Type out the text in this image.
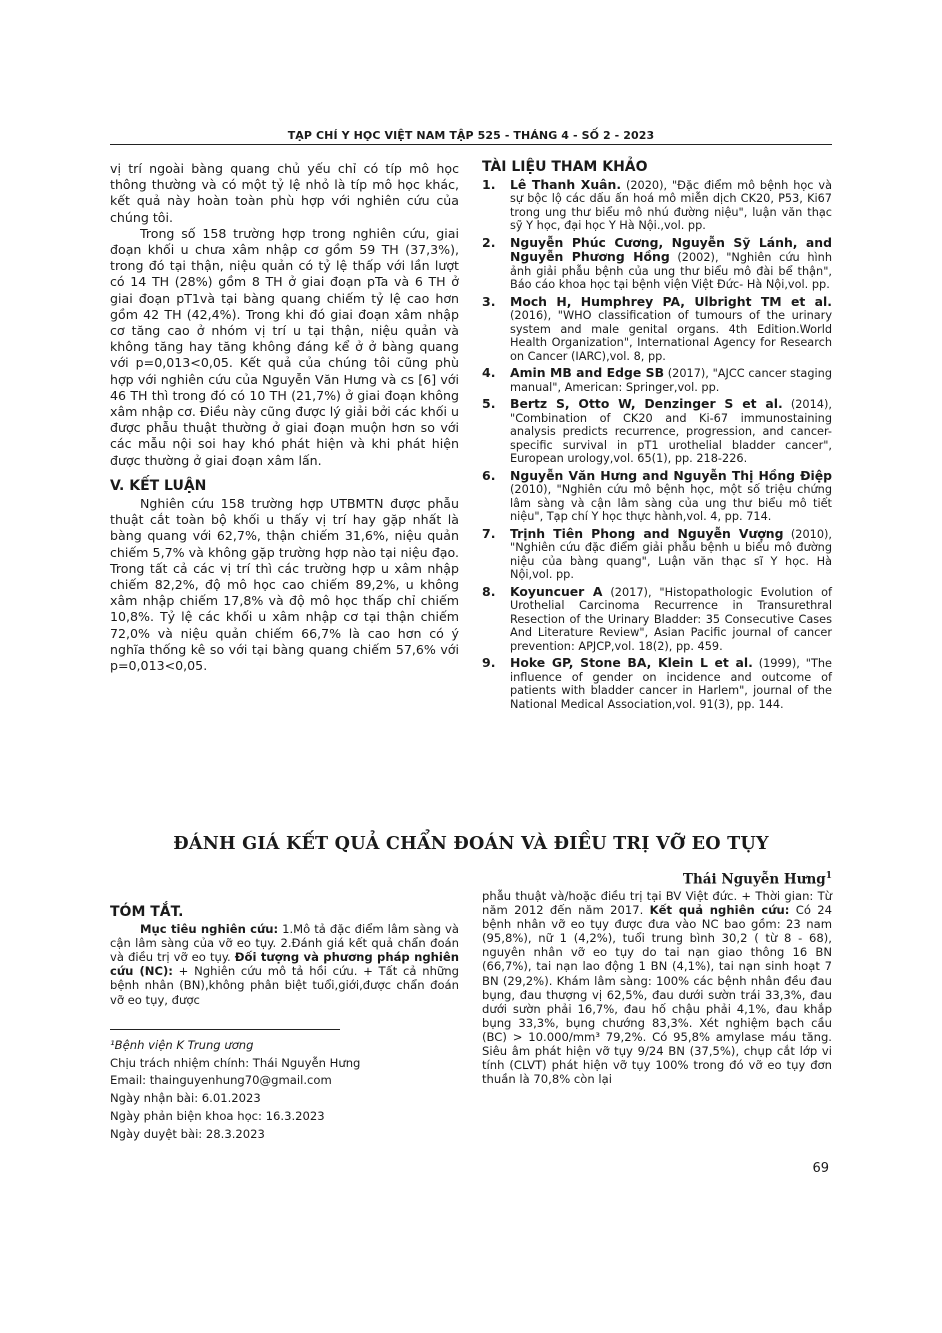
TẠP CHÍ Y HỌC VIỆT NAM TẬP 525 - THÁNG 4 - SỐ 2 - 2023

vị trí ngoài bàng quang chủ yếu chỉ có típ mô học thông thường và có một tỷ lệ nhỏ là típ mô học khác, kết quả này hoàn toàn phù hợp với nghiên cứu của chúng tôi.

Trong số 158 trường hợp trong nghiên cứu, giai đoạn khối u chưa xâm nhập cơ gồm 59 TH (37,3%), trong đó tại thận, niệu quản có tỷ lệ thấp với lần lượt có 14 TH (28%) gồm 8 TH ở giai đoạn pTa và 6 TH ở giai đoạn pT1và tại bàng quang chiếm tỷ lệ cao hơn gồm 42 TH (42,4%). Trong khi đó giai đoạn xâm nhập cơ tăng cao ở nhóm vị trí u tại thận, niệu quản và không tăng hay tăng không đáng kể ở ở bàng quang với p=0,013<0,05. Kết quả của chúng tôi cũng phù hợp với nghiên cứu của Nguyễn Văn Hưng và cs [6] với 46 TH thì trong đó có 10 TH (21,7%) ở giai đoạn không xâm nhập cơ. Điều này cũng được lý giải bởi các khối u được phẫu thuật thường ở giai đoạn muộn hơn so với các mẫu nội soi hay khó phát hiện và khi phát hiện được thường ở giai đoạn xâm lấn.

V. KẾT LUẬN

Nghiên cứu 158 trường hợp UTBMTN được phẫu thuật cắt toàn bộ khối u thấy vị trí hay gặp nhất là bàng quang với 62,7%, thận chiếm 31,6%, niệu quản chiếm 5,7% và không gặp trường hợp nào tại niệu đạo. Trong tất cả các vị trí thì các trường hợp u xâm nhập chiếm 82,2%, độ mô học cao chiếm 89,2%, u không xâm nhập chiếm 17,8% và độ mô học thấp chỉ chiếm 10,8%. Tỷ lệ các khối u xâm nhập cơ tại thận chiếm 72,0% và niệu quản chiếm 66,7% là cao hơn có ý nghĩa thống kê so với tại bàng quang chiếm 57,6% với p=0,013<0,05.

TÀI LIỆU THAM KHẢO
1. Lê Thanh Xuân. (2020), "Đặc điểm mô bệnh học và sự bộc lộ các dấu ấn hoá mô miễn dịch CK20, P53, Ki67 trong ung thư biểu mô nhú đường niệu", luận văn thạc sỹ Y học, đại học Y Hà Nội.,vol. pp.
2. Nguyễn Phúc Cương, Nguyễn Sỹ Lánh, and Nguyễn Phương Hồng (2002), "Nghiên cứu hình ảnh giải phẫu bệnh của ung thư biểu mô đài bể thận", Báo cáo khoa học tại bệnh viện Việt Đức- Hà Nội,vol. pp.
3. Moch H, Humphrey PA, Ulbright TM et al. (2016), "WHO classification of tumours of the urinary system and male genital organs. 4th Edition.World Health Organization", International Agency for Research on Cancer (IARC),vol. 8, pp.
4. Amin MB and Edge SB (2017), "AJCC cancer staging manual", American: Springer,vol. pp.
5. Bertz S, Otto W, Denzinger S et al. (2014), "Combination of CK20 and Ki-67 immunostaining analysis predicts recurrence, progression, and cancer-specific survival in pT1 urothelial bladder cancer", European urology,vol. 65(1), pp. 218-226.
6. Nguyễn Văn Hưng and Nguyễn Thị Hồng Điệp (2010), "Nghiên cứu mô bệnh học, một số triệu chứng lâm sàng và cận lâm sàng của ung thư biểu mô tiết niệu", Tạp chí Y học thực hành,vol. 4, pp. 714.
7. Trịnh Tiên Phong and Nguyễn Vượng (2010), "Nghiên cứu đặc điểm giải phẫu bệnh u biểu mô đường niệu của bàng quang", Luận văn thạc sĩ Y học. Hà Nội,vol. pp.
8. Koyuncuer A (2017), "Histopathologic Evolution of Urothelial Carcinoma Recurrence in Transurethral Resection of the Urinary Bladder: 35 Consecutive Cases And Literature Review", Asian Pacific journal of cancer prevention: APJCP,vol. 18(2), pp. 459.
9. Hoke GP, Stone BA, Klein L et al. (1999), "The influence of gender on incidence and outcome of patients with bladder cancer in Harlem", journal of the National Medical Association,vol. 91(3), pp. 144.
ĐÁNH GIÁ KẾT QUẢ CHẨN ĐOÁN VÀ ĐIỀU TRỊ VỠ EO TỤY
Thái Nguyễn Hưng$^1$
TÓM TẮT.

Mục tiêu nghiên cứu: 1.Mô tả đặc điểm lâm sàng và cận lâm sàng của vỡ eo tụy. 2.Đánh giá kết quả chẩn đoán và điều trị vỡ eo tụy. Đối tượng và phương pháp nghiên cứu (NC): + Nghiên cứu mô tả hồi cứu. + Tất cả những bệnh nhân (BN),không phân biệt tuổi,giới,được chẩn đoán vỡ eo tụy, được

¹Bệnh viện K Trung ương
Chịu trách nhiệm chính: Thái Nguyễn Hưng
Email: thainguyenhung70@gmail.com
Ngày nhận bài: 6.01.2023
Ngày phản biện khoa học: 16.3.2023
Ngày duyệt bài: 28.3.2023

phẫu thuật và/hoặc điều trị tại BV Việt đức. + Thời gian: Từ năm 2012 đến năm 2017. Kết quả nghiên cứu: Có 24 bệnh nhân vỡ eo tụy được đưa vào NC bao gồm: 23 nam (95,8%), nữ 1 (4,2%), tuổi trung bình 30,2 ( từ 8 - 68), nguyên nhân vỡ eo tụy do tai nạn giao thông 16 BN (66,7%), tai nạn lao động 1 BN (4,1%), tai nạn sinh hoạt 7 BN (29,2%). Khám lâm sàng: 100% các bệnh nhân đều đau bụng, đau thượng vị 62,5%, đau dưới sườn trái 33,3%, đau dưới sườn phải 16,7%, đau hố chậu phải 4,1%, đau khắp bụng 33,3%, bụng chướng 83,3%. Xét nghiệm bạch cầu (BC) > 10.000/mm³ 79,2%. Có 95,8% amylase máu tăng. Siêu âm phát hiện vỡ tụy 9/24 BN (37,5%), chụp cắt lớp vi tính (CLVT) phát hiện vỡ tụy 100% trong đó vỡ eo tụy đơn thuần là 70,8% còn lại

69
